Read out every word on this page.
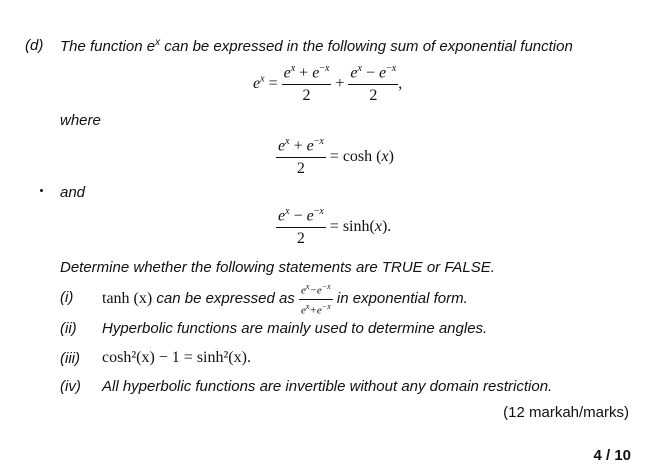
(d) The function $e^x$ can be expressed in the following sum of exponential function
$e^x = \frac{e^x + e^{-x}}{2} + \frac{e^x - e^{-x}}{2}$ ,
where
$\frac{e^x + e^{-x}}{2} = \cosh (x)$
and
$\frac{e^x - e^{-x}}{2} = \sinh(x)$.
Determine whether the following statements are TRUE or FALSE.
(i) tanh (x) can be expressed as $\frac{e^x-e^{-x}}{e^x+e^{-x}}$ in exponential form.
(ii) Hyperbolic functions are mainly used to determine angles.
(iii) cosh²(x) − 1 = sinh²(x).
(iv) All hyperbolic functions are invertible without any domain restriction.
(12 markah/marks)
4 / 10
